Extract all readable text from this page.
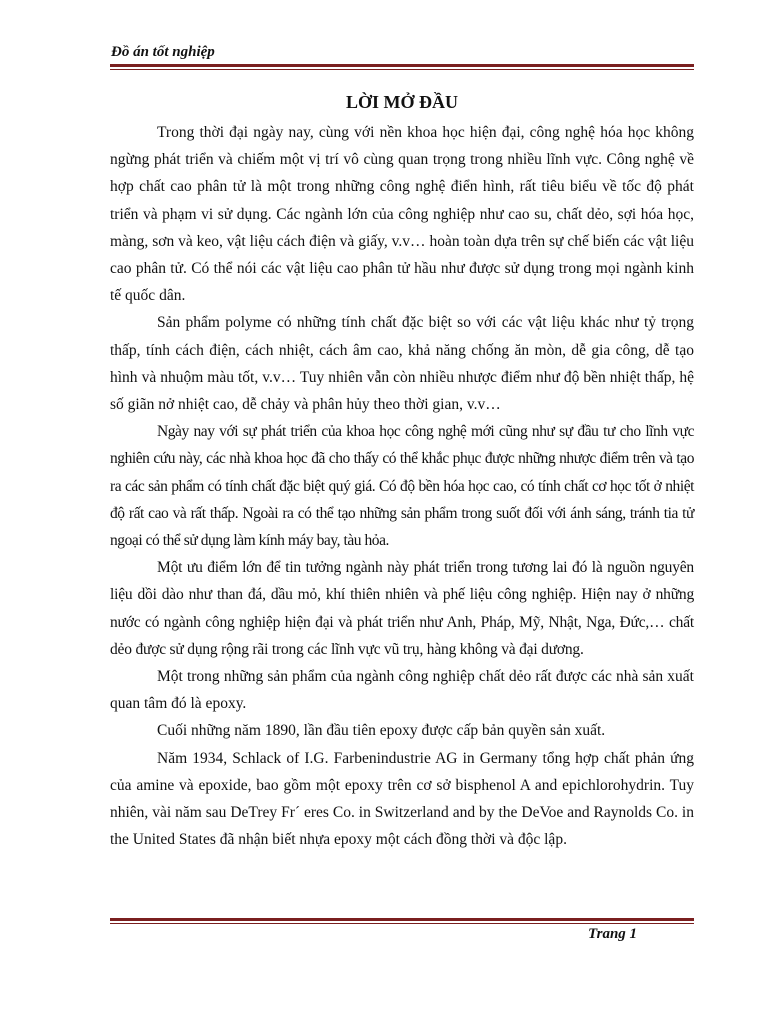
Đồ án tốt nghiệp
LỜI MỞ ĐẦU

Trong thời đại ngày nay, cùng với nền khoa học hiện đại, công nghệ hóa học không ngừng phát triển và chiếm một vị trí vô cùng quan trọng trong nhiều lĩnh vực. Công nghệ về hợp chất cao phân tử là một trong những công nghệ điển hình, rất tiêu biểu về tốc độ phát triển và phạm vi sử dụng. Các ngành lớn của công nghiệp như cao su, chất dẻo, sợi hóa học, màng, sơn và keo, vật liệu cách điện và giấy, v.v… hoàn toàn dựa trên sự chế biến các vật liệu cao phân tử. Có thể nói các vật liệu cao phân tử hầu như được sử dụng trong mọi ngành kinh tế quốc dân.

Sản phẩm polyme có những tính chất đặc biệt so với các vật liệu khác như tỷ trọng thấp, tính cách điện, cách nhiệt, cách âm cao, khả năng chống ăn mòn, dễ gia công, dễ tạo hình và nhuộm màu tốt, v.v… Tuy nhiên vẫn còn nhiều nhược điểm như độ bền nhiệt thấp, hệ số giãn nở nhiệt cao, dễ chảy và phân hủy theo thời gian, v.v…

Ngày nay với sự phát triển của khoa học công nghệ mới cũng như sự đầu tư cho lĩnh vực nghiên cứu này, các nhà khoa học đã cho thấy có thể khắc phục được những nhược điểm trên và tạo ra các sản phẩm có tính chất đặc biệt quý giá. Có độ bền hóa học cao, có tính chất cơ học tốt ở nhiệt độ rất cao và rất thấp. Ngoài ra có thể tạo những sản phẩm trong suốt đối với ánh sáng, tránh tia tử ngoại có thể sử dụng làm kính máy bay, tàu hỏa.

Một ưu điểm lớn để tin tưởng ngành này phát triển trong tương lai đó là nguồn nguyên liệu dồi dào như than đá, dầu mỏ, khí thiên nhiên và phế liệu công nghiệp. Hiện nay ở những nước có ngành công nghiệp hiện đại và phát triển như Anh, Pháp, Mỹ, Nhật, Nga, Đức,… chất dẻo được sử dụng rộng rãi trong các lĩnh vực vũ trụ, hàng không và đại dương.

Một trong những sản phẩm của ngành công nghiệp chất dẻo rất được các nhà sản xuất quan tâm đó là epoxy.

Cuối những năm 1890, lần đầu tiên epoxy được cấp bản quyền sản xuất.

Năm 1934, Schlack of I.G. Farbenindustrie AG in Germany tổng hợp chất phản ứng của amine và epoxide, bao gồm một epoxy trên cơ sở bisphenol A and epichlorohydrin. Tuy nhiên, vài năm sau DeTrey Fr´ eres Co. in Switzerland and by the DeVoe and Raynolds Co. in the United States đã nhận biết nhựa epoxy một cách đồng thời và độc lập.

Trang 1
